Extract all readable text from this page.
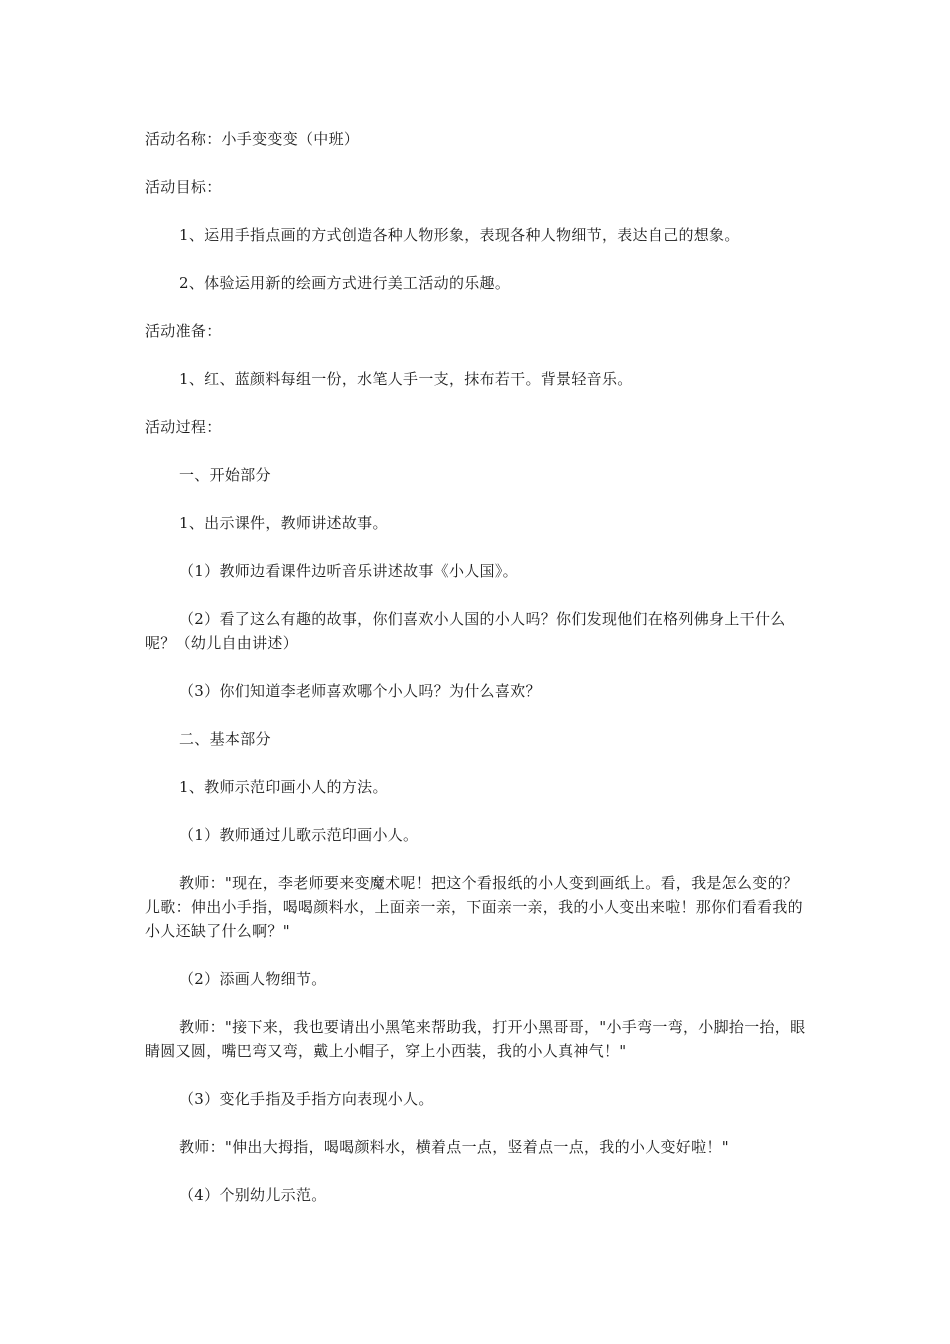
活动名称：小手变变变（中班）

活动目标：

1、运用手指点画的方式创造各种人物形象，表现各种人物细节，表达自己的想象。

2、体验运用新的绘画方式进行美工活动的乐趣。

活动准备：

1、红、蓝颜料每组一份，水笔人手一支，抹布若干。背景轻音乐。

活动过程：

一、开始部分

1、出示课件，教师讲述故事。

（1）教师边看课件边听音乐讲述故事《小人国》。

（2）看了这么有趣的故事，你们喜欢小人国的小人吗？你们发现他们在格列佛身上干什么呢？（幼儿自由讲述）

（3）你们知道李老师喜欢哪个小人吗？为什么喜欢？

二、基本部分

1、教师示范印画小人的方法。

（1）教师通过儿歌示范印画小人。

教师："现在，李老师要来变魔术呢！把这个看报纸的小人变到画纸上。看，我是怎么变的？儿歌：伸出小手指，喝喝颜料水，上面亲一亲，下面亲一亲，我的小人变出来啦！那你们看看我的小人还缺了什么啊？"

（2）添画人物细节。

教师："接下来，我也要请出小黑笔来帮助我，打开小黑哥哥，"小手弯一弯，小脚抬一抬，眼睛圆又圆，嘴巴弯又弯，戴上小帽子，穿上小西装，我的小人真神气！"

（3）变化手指及手指方向表现小人。

教师："伸出大拇指，喝喝颜料水，横着点一点，竖着点一点，我的小人变好啦！"

（4）个别幼儿示范。
